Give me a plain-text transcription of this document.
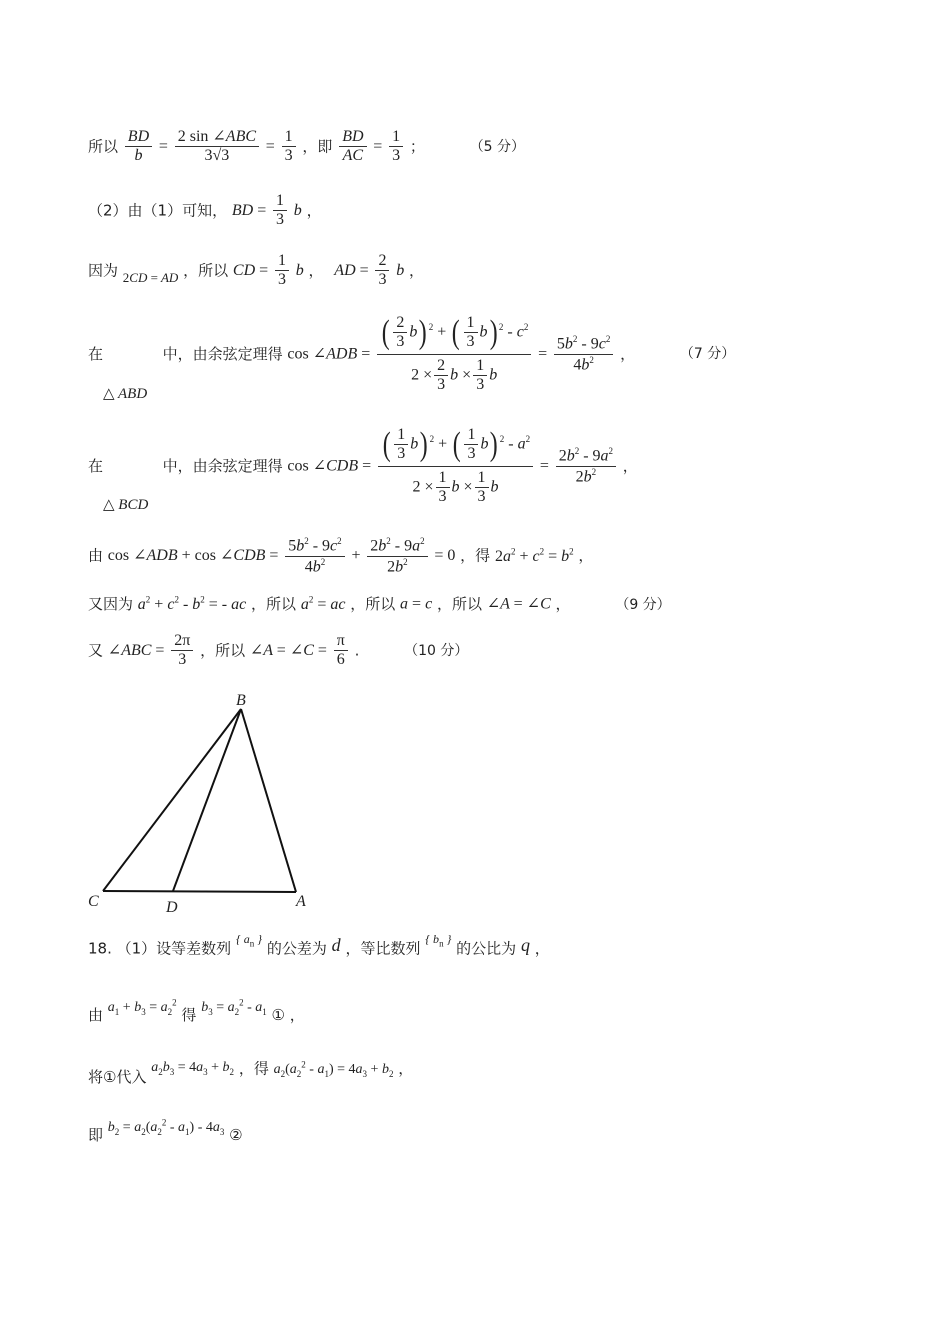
所以 $\frac{BD}{b} = \frac{\text{2 sin ∠ABC}}{3√3} = \frac{1}{3}$ ，即 $\frac{BD}{AC} = \frac{1}{3}$ ；	（5 分）
（2）由（1）可知， BD = $\frac{1}{3}$ b ，
因为 2CD = AD ，所以 CD = $\frac{1}{3}$ b ， AD = $\frac{2}{3}$ b ，
在	中，由余弦定理得 cos ∠ADB = $\frac{( \frac{2}{3} b) ^2 + ( \frac{1}{3} b) ^2 - c^2}{2 \times \frac{2}{3} b \times \frac{1}{3} b} = \frac{5b^2 - 9c^2}{4b^2}$ ，	（7 分）
△ ABD
在	中，由余弦定理得 cos ∠CDB = $\frac{( \frac{1}{3} b) ^2 + ( \frac{1}{3} b) ^2 - a^2}{2 \times \frac{1}{3} b \times \frac{1}{3} b} = \frac{2b^2 - 9a^2}{2b^2}$ ，
△ BCD
由 cos ∠ADB + cos ∠CDB = $\frac{5b^2 - 9c^2}{4b^2} + \frac{2b^2 - 9a^2}{2b^2} = 0$ ，得 $2a^2 + c^2 = b^2$ ，
又因为 $a^2 + c^2 - b^2$ = - ac ，所以 $a^2$ = ac ，所以 a = c ，所以 ∠A = ∠C ，	（9 分）
又 ∠ABC = $\frac{2\pi}{3}$ ，所以 ∠A = ∠C = $\frac{\pi}{6}$ .	（10 分）
B
C	D	A
18. （1）设等差数列 $^{\{ a_n \}}$ 的公差为 d ，等比数列 $^{\{ b_n \}}$ 的公比为 q ，
由 $a_1 + b_3 = a_2^2$ 得 $b_3 = a_2^2 - a_1$ ① ，
将①代入 $a_2b_3 = 4a_3 + b_2$ ，得 $a_2(a_2^2 - a_1) = 4a_3 + b_2$ ，
即 $b_2 = a_2(a_2^2 - a_1) - 4a_3$ ②
